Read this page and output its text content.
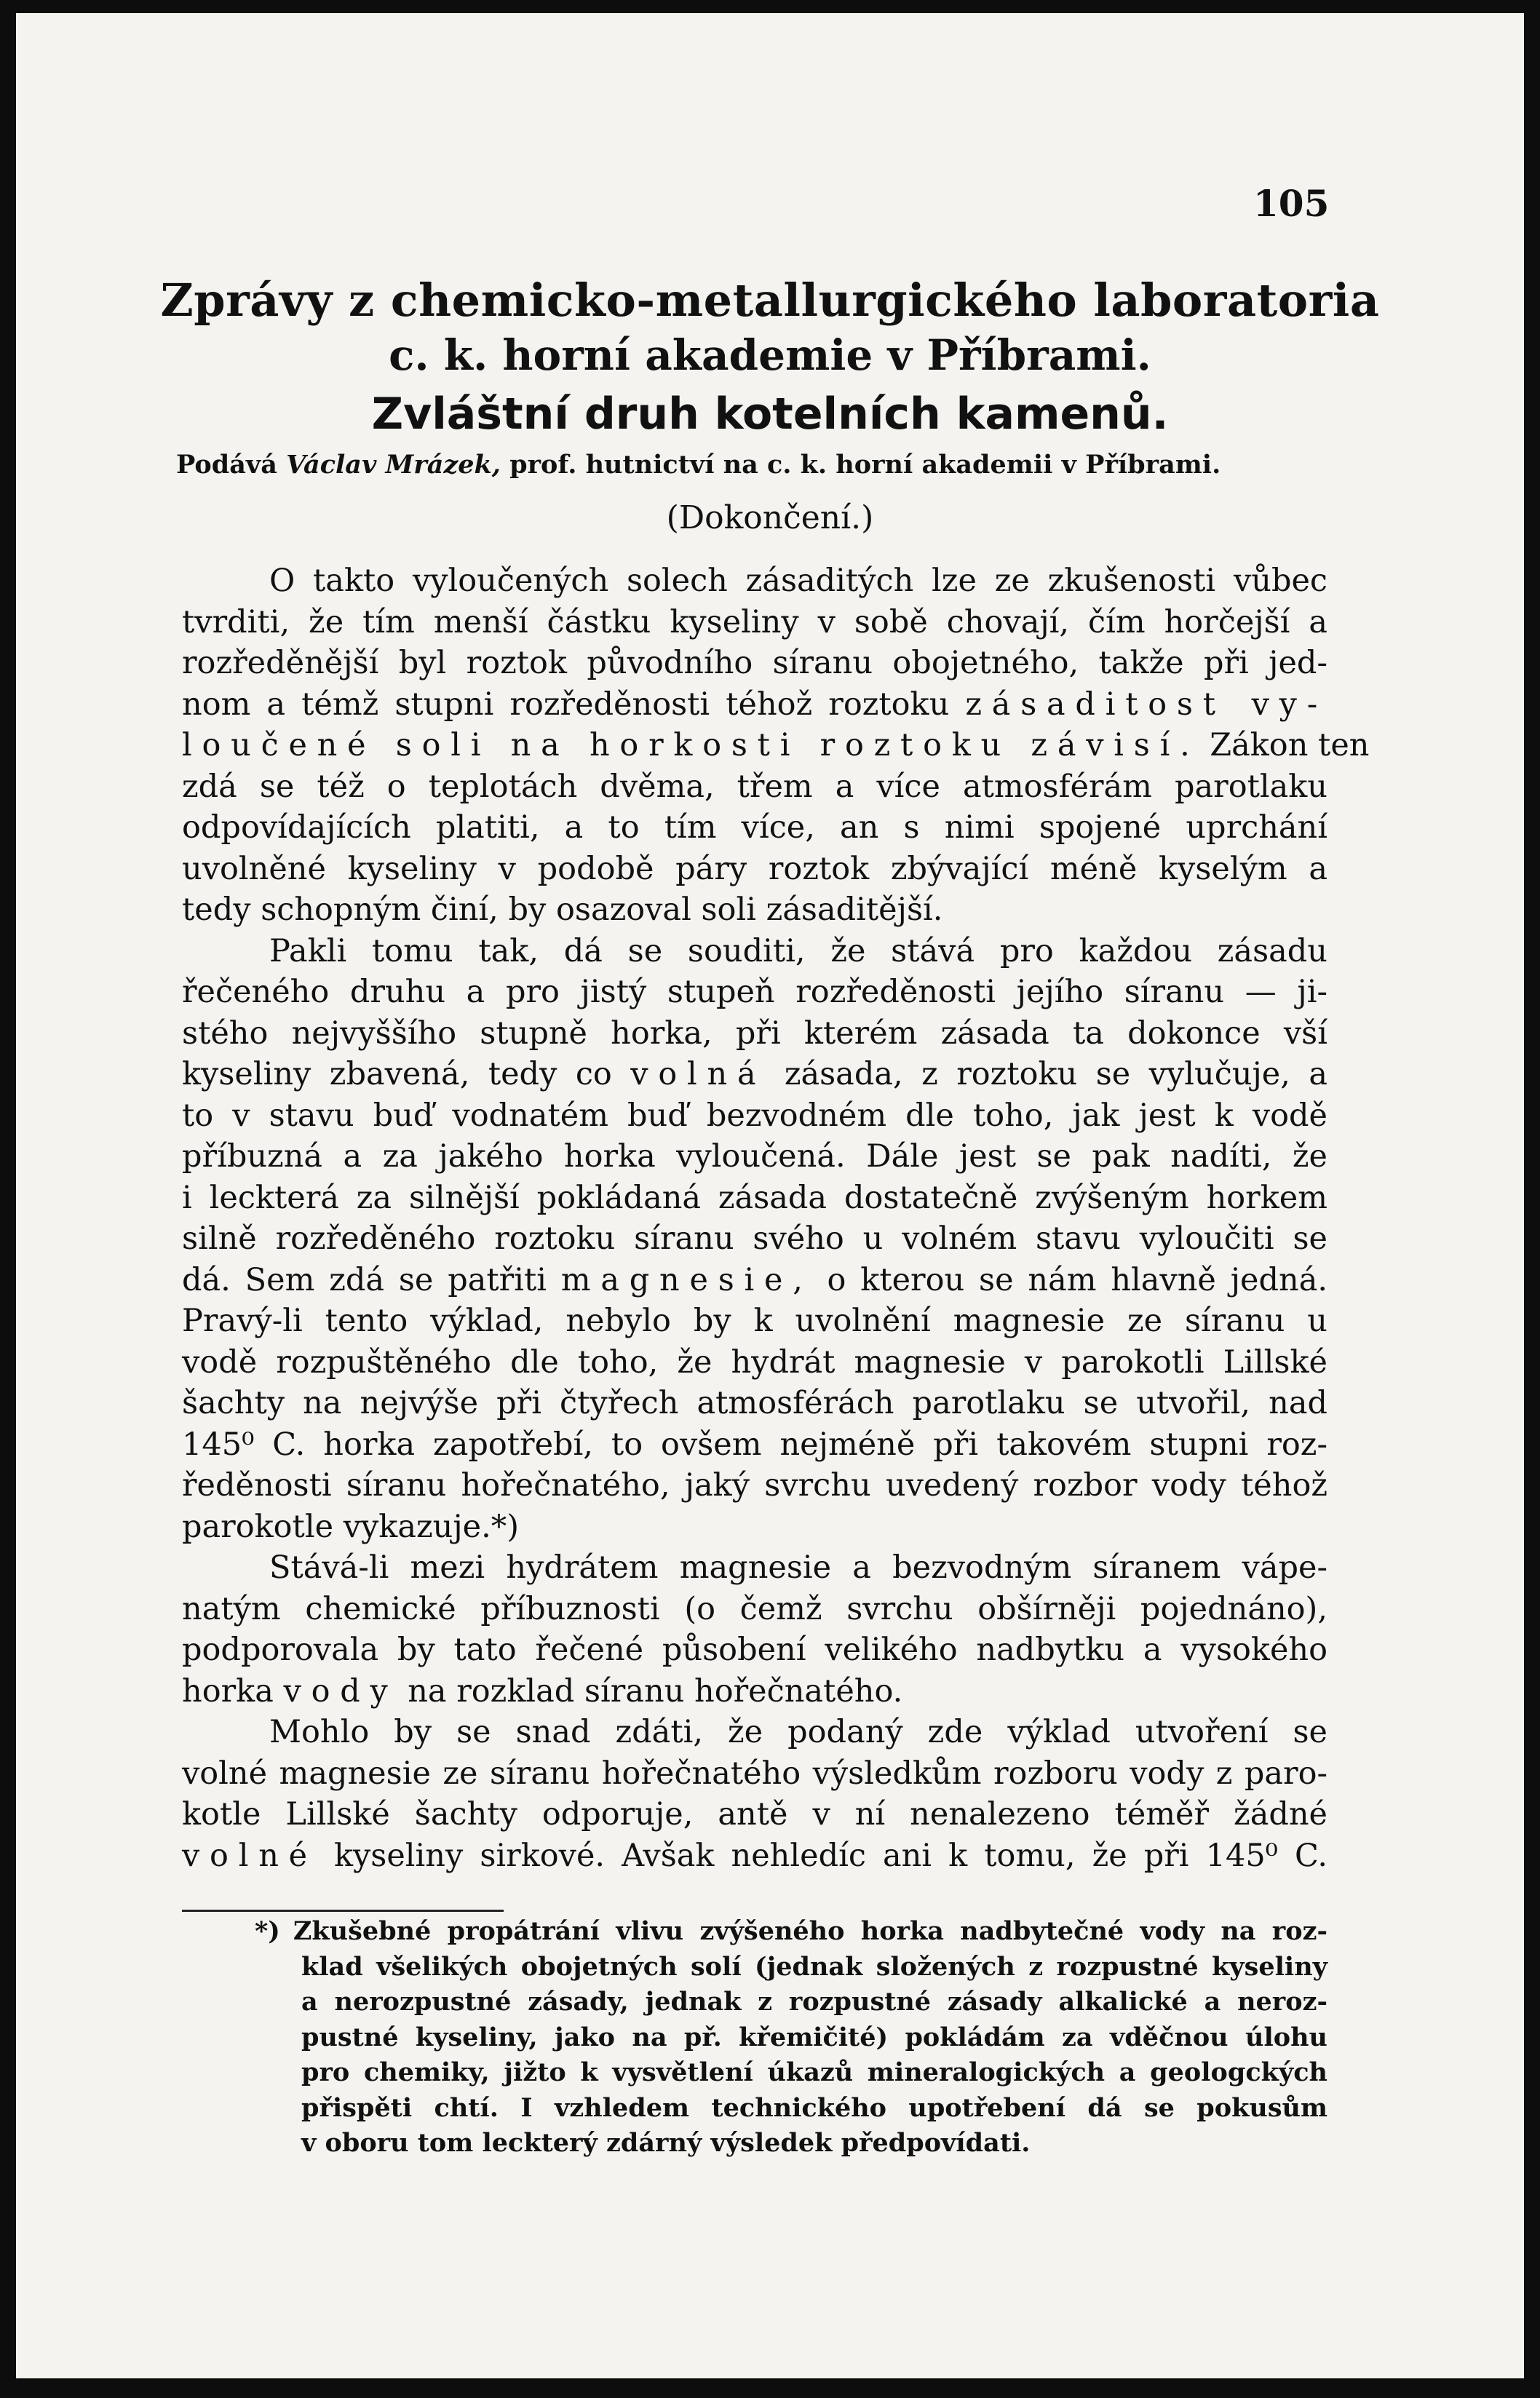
105
Zprávy z chemicko-metallurgického laboratoria
c. k. horní akademie v Příbrami.
Zvláštní druh kotelních kamenů.
Podává Václav Mrázek, prof. hutnictví na c. k. horní akademii v Příbrami.
(Dokončení.)
O takto vyloučených solech zásaditých lze ze zkušenosti vůbec
tvrditi, že tím menší částku kyseliny v sobě chovají, čím horčejší a
rozředěnější byl roztok původního síranu obojetného, takže při jed-
nom a témž stupni rozředěnosti téhož roztoku zásaditost vy-
loučené soli na horkosti roztoku závisí. Zákon ten
zdá se též o teplotách dvěma, třem a více atmosférám parotlaku
odpovídajících platiti, a to tím více, an s nimi spojené uprchání
uvolněné kyseliny v podobě páry roztok zbývající méně kyselým a
tedy schopným činí, by osazoval soli zásaditější.
Pakli tomu tak, dá se souditi, že stává pro každou zásadu
řečeného druhu a pro jistý stupeň rozředěnosti jejího síranu — ji-
stého nejvyššího stupně horka, při kterém zásada ta dokonce vší
kyseliny zbavená, tedy co volná zásada, z roztoku se vylučuje, a
to v stavu buď vodnatém buď bezvodném dle toho, jak jest k vodě
příbuzná a za jakého horka vyloučená. Dále jest se pak nadíti, že
i leckterá za silnější pokládaná zásada dostatečně zvýšeným horkem
silně rozředěného roztoku síranu svého u volném stavu vyloučiti se
dá. Sem zdá se patřiti magnesie, o kterou se nám hlavně jedná.
Pravý-li tento výklad, nebylo by k uvolnění magnesie ze síranu u
vodě rozpuštěného dle toho, že hydrát magnesie v parokotli Lillské
šachty na nejvýše při čtyřech atmosférách parotlaku se utvořil, nad
145⁰ C. horka zapotřebí, to ovšem nejméně při takovém stupni roz-
ředěnosti síranu hořečnatého, jaký svrchu uvedený rozbor vody téhož
parokotle vykazuje.*)
Stává-li mezi hydrátem magnesie a bezvodným síranem vápe-
natým chemické příbuznosti (o čemž svrchu obšírněji pojednáno),
podporovala by tato řečené působení velikého nadbytku a vysokého
horka vody na rozklad síranu hořečnatého.
Mohlo by se snad zdáti, že podaný zde výklad utvoření se
volné magnesie ze síranu hořečnatého výsledkům rozboru vody z paro-
kotle Lillské šachty odporuje, antě v ní nenalezeno téměř žádné
volné kyseliny sirkové. Avšak nehledíc ani k tomu, že při 145⁰ C.
*) Zkušebné propátrání vlivu zvýšeného horka nadbytečné vody na roz-
klad všelikých obojetných solí (jednak složených z rozpustné kyseliny
a nerozpustné zásady, jednak z rozpustné zásady alkalické a neroz-
pustné kyseliny, jako na př. křemičité) pokládám za vděčnou úlohu
pro chemiky, jižto k vysvětlení úkazů mineralogických a geologckých
přispěti chtí. I vzhledem technického upotřebení dá se pokusům
v oboru tom leckterý zdárný výsledek předpovídati.
